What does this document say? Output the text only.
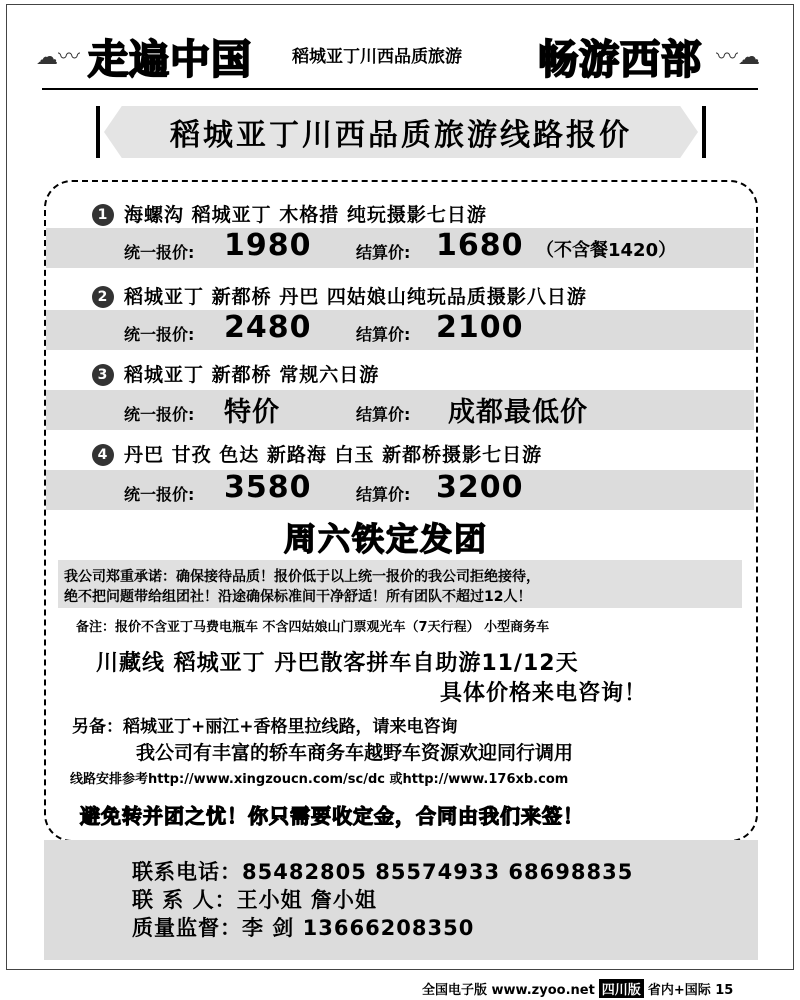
☁︎〰 走遍中国 稻城亚丁川西品质旅游 畅游西部 〰☁︎
稻城亚丁川西品质旅游线路报价
1 海螺沟 稻城亚丁 木格措 纯玩摄影七日游
统一报价: 1980	结算价: 1680 （不含餐1420）
2 稻城亚丁 新都桥 丹巴 四姑娘山纯玩品质摄影八日游
统一报价: 2480	结算价: 2100
3 稻城亚丁 新都桥 常规六日游
统一报价: 特价	结算价: 成都最低价
4 丹巴 甘孜 色达 新路海 白玉 新都桥摄影七日游
统一报价: 3580	结算价: 3200
周六铁定发团
我公司郑重承诺：确保接待品质！报价低于以上统一报价的我公司拒绝接待，
绝不把问题带给组团社！沿途确保标准间干净舒适！所有团队不超过12人！
备注：报价不含亚丁马费电瓶车 不含四姑娘山门票观光车（7天行程） 小型商务车
川藏线 稻城亚丁 丹巴散客拼车自助游11/12天
具体价格来电咨询！
另备：稻城亚丁+丽江+香格里拉线路，请来电咨询
我公司有丰富的轿车商务车越野车资源欢迎同行调用
线路安排参考http://www.xingzoucn.com/sc/dc 或http://www.176xb.com
避免转并团之忧！你只需要收定金，合同由我们来签！
联系电话：85482805 85574933 68698835
联 系 人：王小姐 詹小姐
质量监督：李 剑 13666208350
全国电子版 www.zyoo.net 四川版 省内+国际 15
